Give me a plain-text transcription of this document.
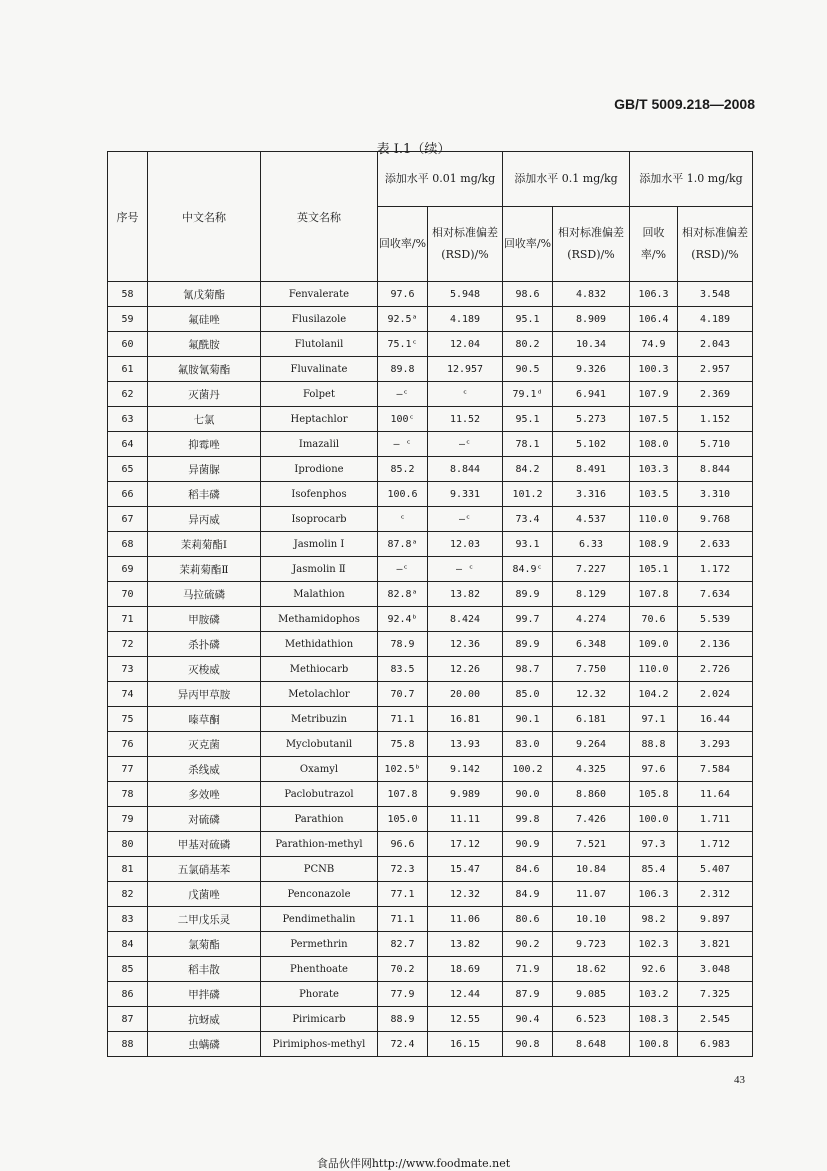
GB/T 5009.218—2008
表 I.1（续）
序号	中文名称	英文名称	添加水平 0.01 mg/kg		添加水平 0.1 mg/kg		添加水平 1.0 mg/kg	

			回收率/%	相对标准偏差(RSD)/%	回收率/%	相对标准偏差(RSD)/%	回收率/%	相对标准偏差(RSD)/%

58	氰戊菊酯	Fenvalerate	97.6	5.948	98.6	4.832	106.3	3.548
59	氟硅唑	Flusilazole	92.5ᵃ	4.189	95.1	8.909	106.4	4.189
60	氟酰胺	Flutolanil	75.1ᶜ	12.04	80.2	10.34	74.9	2.043
61	氟胺氰菊酯	Fluvalinate	89.8	12.957	90.5	9.326	100.3	2.957
62	灭菌丹	Folpet	—ᶜ	ᶜ	79.1ᵈ	6.941	107.9	2.369
63	七氯	Heptachlor	100ᶜ	11.52	95.1	5.273	107.5	1.152
64	抑霉唑	Imazalil	— ᶜ	—ᶜ	78.1	5.102	108.0	5.710
65	异菌脲	Iprodione	85.2	8.844	84.2	8.491	103.3	8.844
66	稻丰磷	Isofenphos	100.6	9.331	101.2	3.316	103.5	3.310
67	异丙威	Isoprocarb	ᶜ	—ᶜ	73.4	4.537	110.0	9.768
68	茉莉菊酯Ⅰ	Jasmolin Ⅰ	87.8ᵃ	12.03	93.1	6.33	108.9	2.633
69	茉莉菊酯Ⅱ	Jasmolin Ⅱ	—ᶜ	— ᶜ	84.9ᶜ	7.227	105.1	1.172
70	马拉硫磷	Malathion	82.8ᵃ	13.82	89.9	8.129	107.8	7.634
71	甲胺磷	Methamidophos	92.4ᵇ	8.424	99.7	4.274	70.6	5.539
72	杀扑磷	Methidathion	78.9	12.36	89.9	6.348	109.0	2.136
73	灭梭威	Methiocarb	83.5	12.26	98.7	7.750	110.0	2.726
74	异丙甲草胺	Metolachlor	70.7	20.00	85.0	12.32	104.2	2.024
75	嗪草酮	Metribuzin	71.1	16.81	90.1	6.181	97.1	16.44
76	灭克菌	Myclobutanil	75.8	13.93	83.0	9.264	88.8	3.293
77	杀线威	Oxamyl	102.5ᵇ	9.142	100.2	4.325	97.6	7.584
78	多效唑	Paclobutrazol	107.8	9.989	90.0	8.860	105.8	11.64
79	对硫磷	Parathion	105.0	11.11	99.8	7.426	100.0	1.711
80	甲基对硫磷	Parathion-methyl	96.6	17.12	90.9	7.521	97.3	1.712
81	五氯硝基苯	PCNB	72.3	15.47	84.6	10.84	85.4	5.407
82	戊菌唑	Penconazole	77.1	12.32	84.9	11.07	106.3	2.312
83	二甲戊乐灵	Pendimethalin	71.1	11.06	80.6	10.10	98.2	9.897
84	氯菊酯	Permethrin	82.7	13.82	90.2	9.723	102.3	3.821
85	稻丰散	Phenthoate	70.2	18.69	71.9	18.62	92.6	3.048
86	甲拌磷	Phorate	77.9	12.44	87.9	9.085	103.2	7.325
87	抗蚜威	Pirimicarb	88.9	12.55	90.4	6.523	108.3	2.545
88	虫螨磷	Pirimiphos-methyl	72.4	16.15	90.8	8.648	100.8	6.983
43
食品伙伴网http://www.foodmate.net
